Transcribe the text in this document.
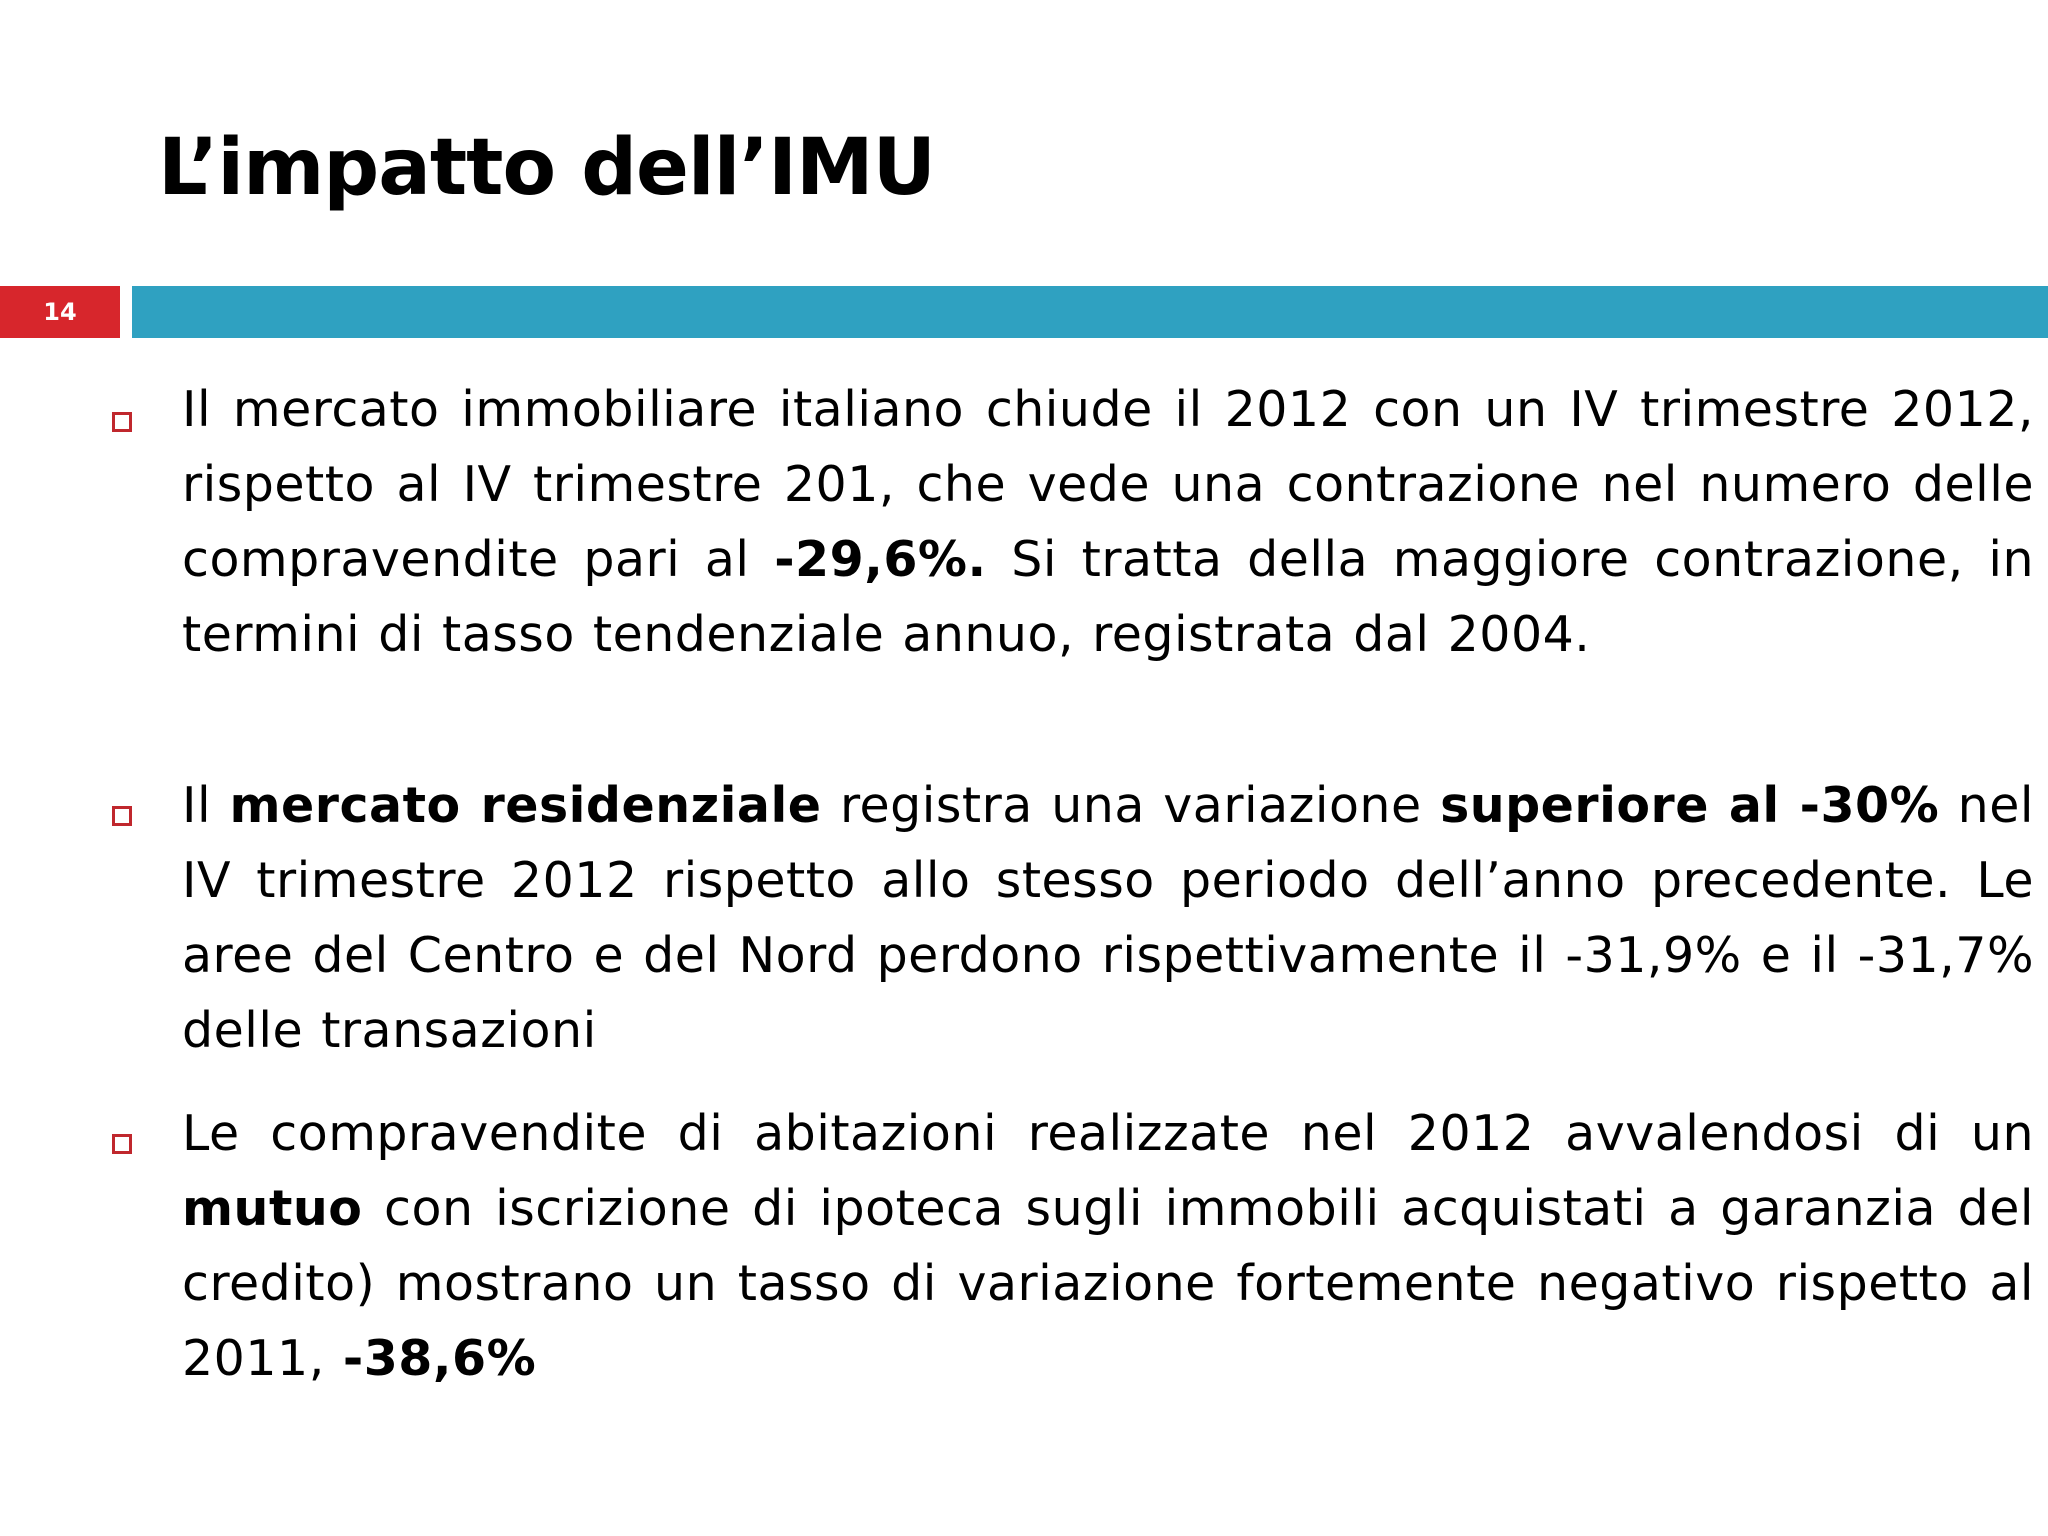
L’impatto dell’IMU
14

Il mercato immobiliare italiano chiude il 2012 con un IV trimestre 2012, rispetto al IV trimestre 201, che vede una contrazione nel numero delle compravendite pari al -29,6%. Si tratta della maggiore contrazione, in termini di tasso tendenziale annuo, registrata dal 2004.

Il mercato residenziale registra una variazione superiore al -30% nel IV trimestre 2012 rispetto allo stesso periodo dell’anno precedente. Le aree del Centro e del Nord perdono rispettivamente il -31,9% e il -31,7% delle transazioni

Le compravendite di abitazioni realizzate nel 2012 avvalendosi di un mutuo con iscrizione di ipoteca sugli immobili acquistati a garanzia del credito) mostrano un tasso di variazione fortemente negativo rispetto al 2011, -38,6%
